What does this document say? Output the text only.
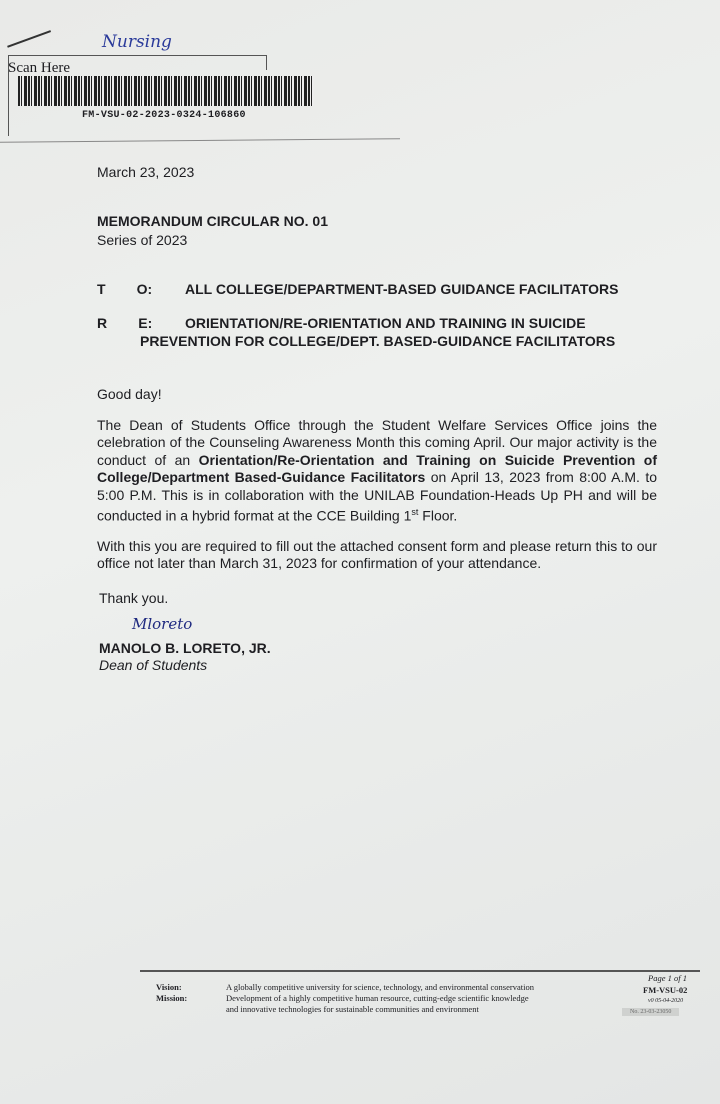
Nursing
Scan Here
FM-VSU-02-2023-0324-106860
March 23, 2023
MEMORANDUM CIRCULAR NO. 01
Series of 2023
T        O: ALL COLLEGE/DEPARTMENT-BASED GUIDANCE FACILITATORS
R        E: ORIENTATION/RE-ORIENTATION AND TRAINING IN SUICIDE
PREVENTION FOR COLLEGE/DEPT. BASED-GUIDANCE FACILITATORS
Good day!
The Dean of Students Office through the Student Welfare Services Office joins the celebration of the Counseling Awareness Month this coming April. Our major activity is the conduct of an Orientation/Re-Orientation and Training on Suicide Prevention of College/Department Based-Guidance Facilitators on April 13, 2023 from 8:00 A.M. to 5:00 P.M. This is in collaboration with the UNILAB Foundation-Heads Up PH and will be conducted in a hybrid format at the CCE Building 1st Floor.
With this you are required to fill out the attached consent form and please return this to our office not later than March 31, 2023 for confirmation of your attendance.
Thank you.
Mloreto
MANOLO B. LORETO, JR.
Dean of Students
Vision:
Mission:
A globally competitive university for science, technology, and environmental conservation
Development of a highly competitive human resource, cutting-edge scientific knowledge
and innovative technologies for sustainable communities and environment
Page 1 of 1
FM-VSU-02
v0 05-04-2020
No. 23-03-23050
